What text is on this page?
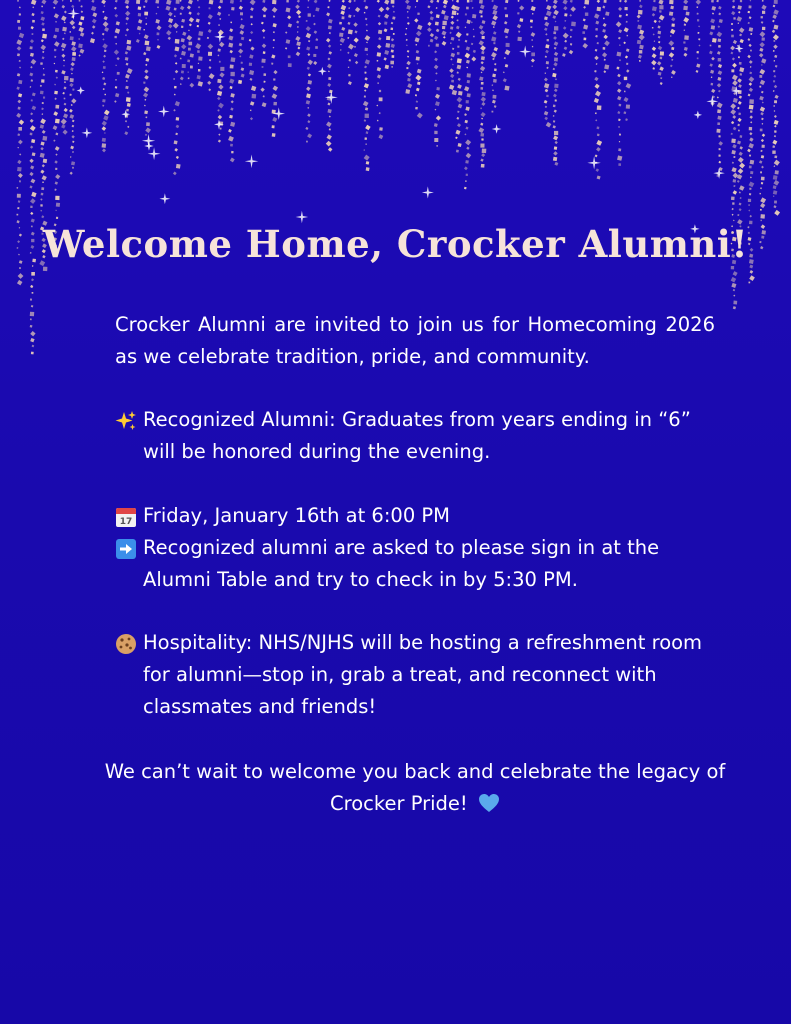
Welcome Home, Crocker Alumni!
Crocker Alumni are invited to join us for Homecoming 2026 as we celebrate tradition, pride, and community.
Recognized Alumni: Graduates from years ending in “6” will be honored during the evening.
17 Friday, January 16th at 6:00 PM
Recognized alumni are asked to please sign in at the Alumni Table and try to check in by 5:30 PM.
Hospitality: NHS/NJHS will be hosting a refreshment room for alumni—stop in, grab a treat, and reconnect with classmates and friends!
We can’t wait to welcome you back and celebrate the legacy of Crocker Pride!
